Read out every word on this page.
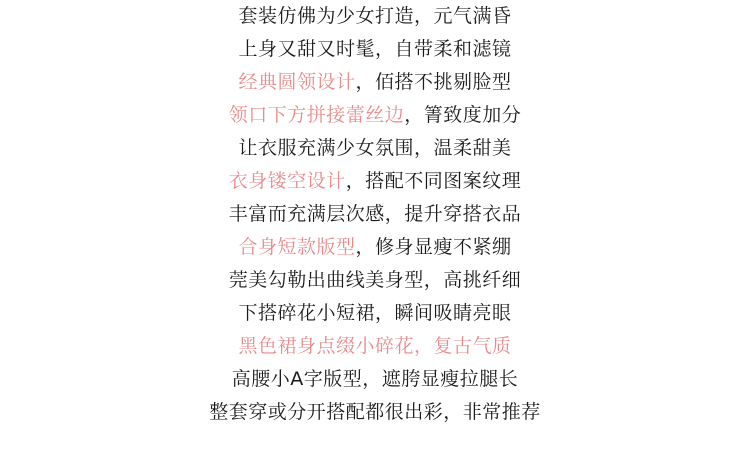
套装仿佛为少女打造，元气满昏
上身又甜又时髦，自带柔和滤镜
经典圆领设计，佰搭不挑剔脸型
领口下方拼接蕾丝边，箐致度加分
让衣服充满少女氛围，温柔甜美
衣身镂空设计，搭配不同图案纹理
丰富而充满层次感，提升穿搭衣品
合身短款版型，修身显瘦不紧绷
莞美勾勒出曲线美身型，高挑纤细
下搭碎花小短裙，瞬间吸睛亮眼
黑色裙身点缀小碎花，复古气质
高腰小A字版型，遮胯显瘦拉腿长
整套穿或分开搭配都很出彩，非常推荐
